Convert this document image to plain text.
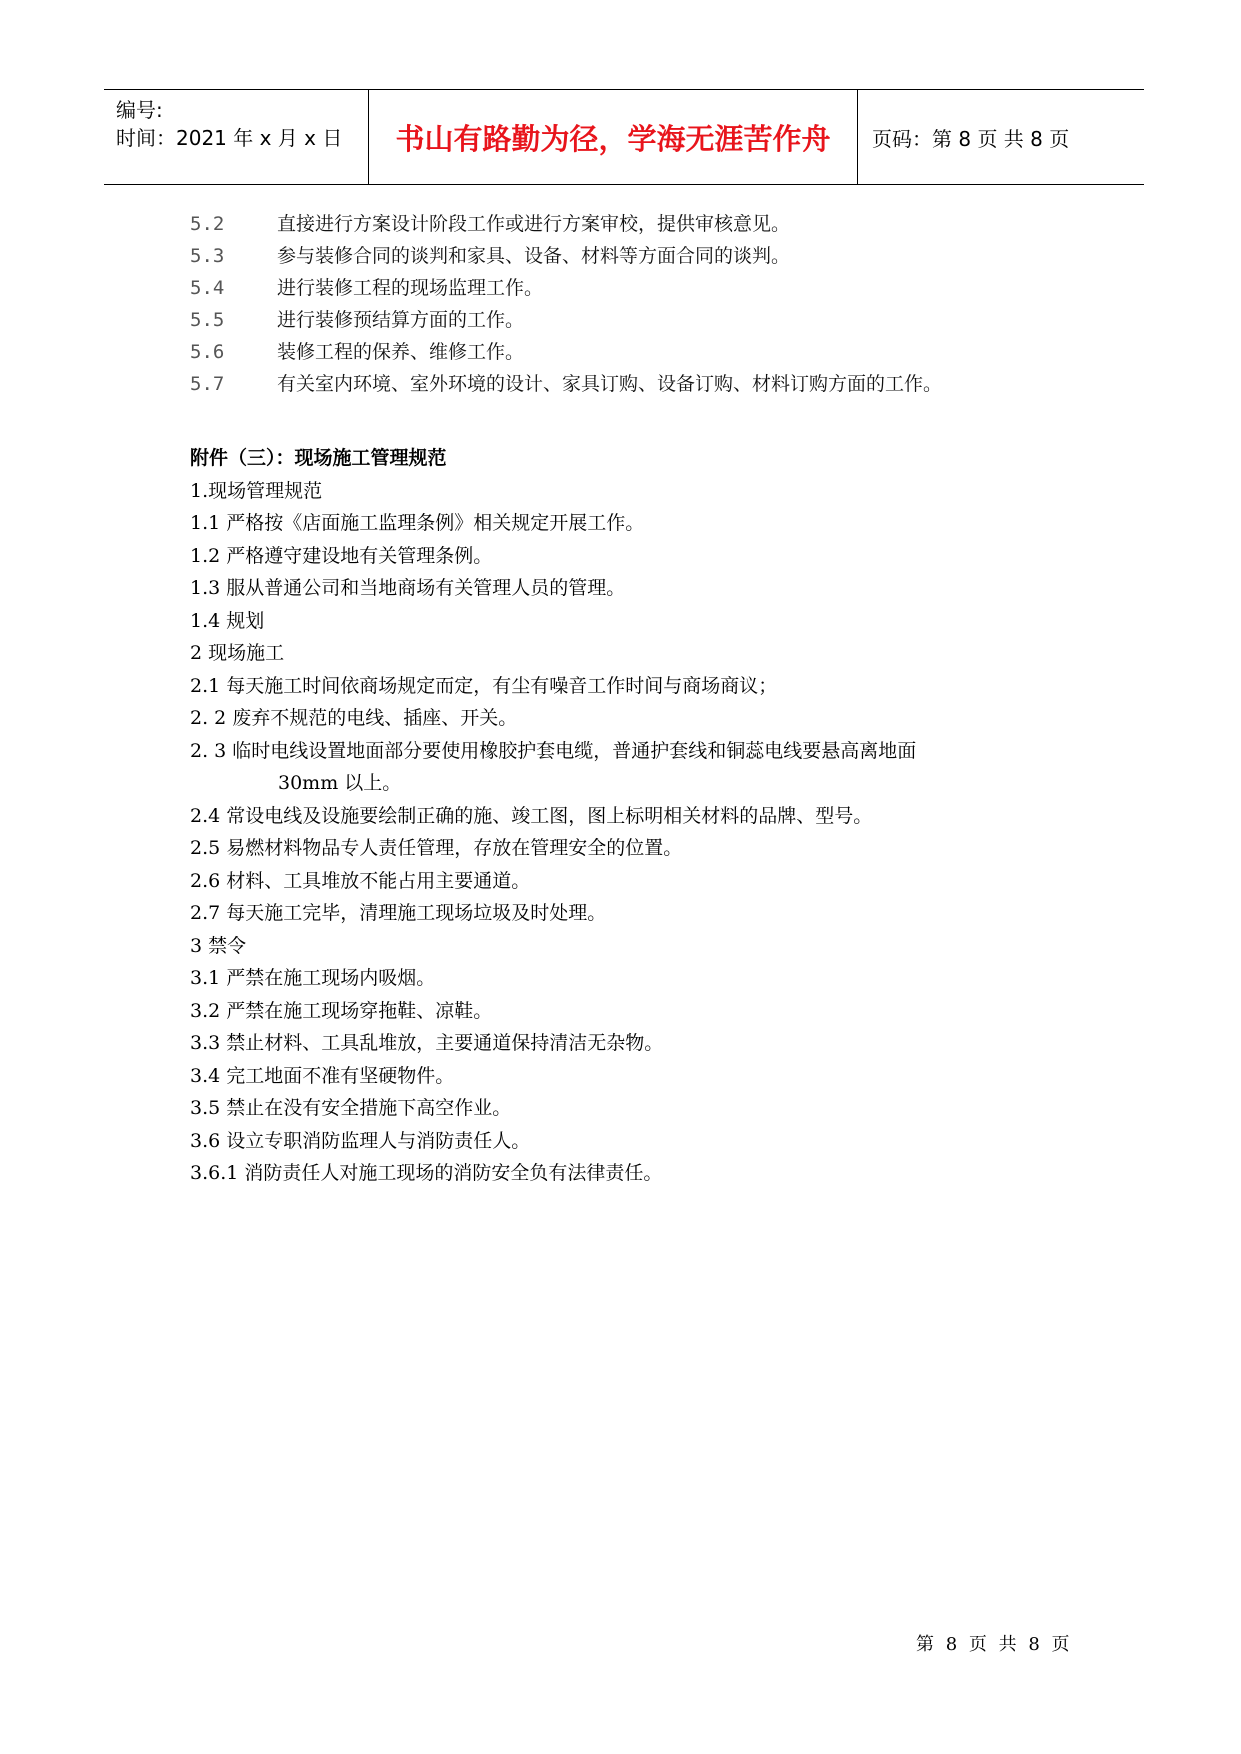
编号:
时间：2021 年 x 月 x 日 书山有路勤为径，学海无涯苦作舟 页码：第 8 页 共 8 页
5.2	直接进行方案设计阶段工作或进行方案审校，提供审核意见。
5.3	参与装修合同的谈判和家具、设备、材料等方面合同的谈判。
5.4	进行装修工程的现场监理工作。
5.5	进行装修预结算方面的工作。
5.6	装修工程的保养、维修工作。
5.7	有关室内环境、室外环境的设计、家具订购、设备订购、材料订购方面的工作。
附件（三）：现场施工管理规范
1.现场管理规范
1.1 严格按《店面施工监理条例》相关规定开展工作。
1.2 严格遵守建设地有关管理条例。
1.3 服从普通公司和当地商场有关管理人员的管理。
1.4 规划
2 现场施工
2.1 每天施工时间依商场规定而定，有尘有噪音工作时间与商场商议；
2. 2 废弃不规范的电线、插座、开关。
2. 3 临时电线设置地面部分要使用橡胶护套电缆，普通护套线和铜蕊电线要悬高离地面
30mm 以上。
2.4 常设电线及设施要绘制正确的施、竣工图，图上标明相关材料的品牌、型号。
2.5 易燃材料物品专人责任管理，存放在管理安全的位置。
2.6 材料、工具堆放不能占用主要通道。
2.7 每天施工完毕，清理施工现场垃圾及时处理。
3 禁令
3.1 严禁在施工现场内吸烟。
3.2 严禁在施工现场穿拖鞋、凉鞋。
3.3 禁止材料、工具乱堆放，主要通道保持清洁无杂物。
3.4 完工地面不准有坚硬物件。
3.5 禁止在没有安全措施下高空作业。
3.6 设立专职消防监理人与消防责任人。
3.6.1 消防责任人对施工现场的消防安全负有法律责任。
第 8 页 共 8 页
